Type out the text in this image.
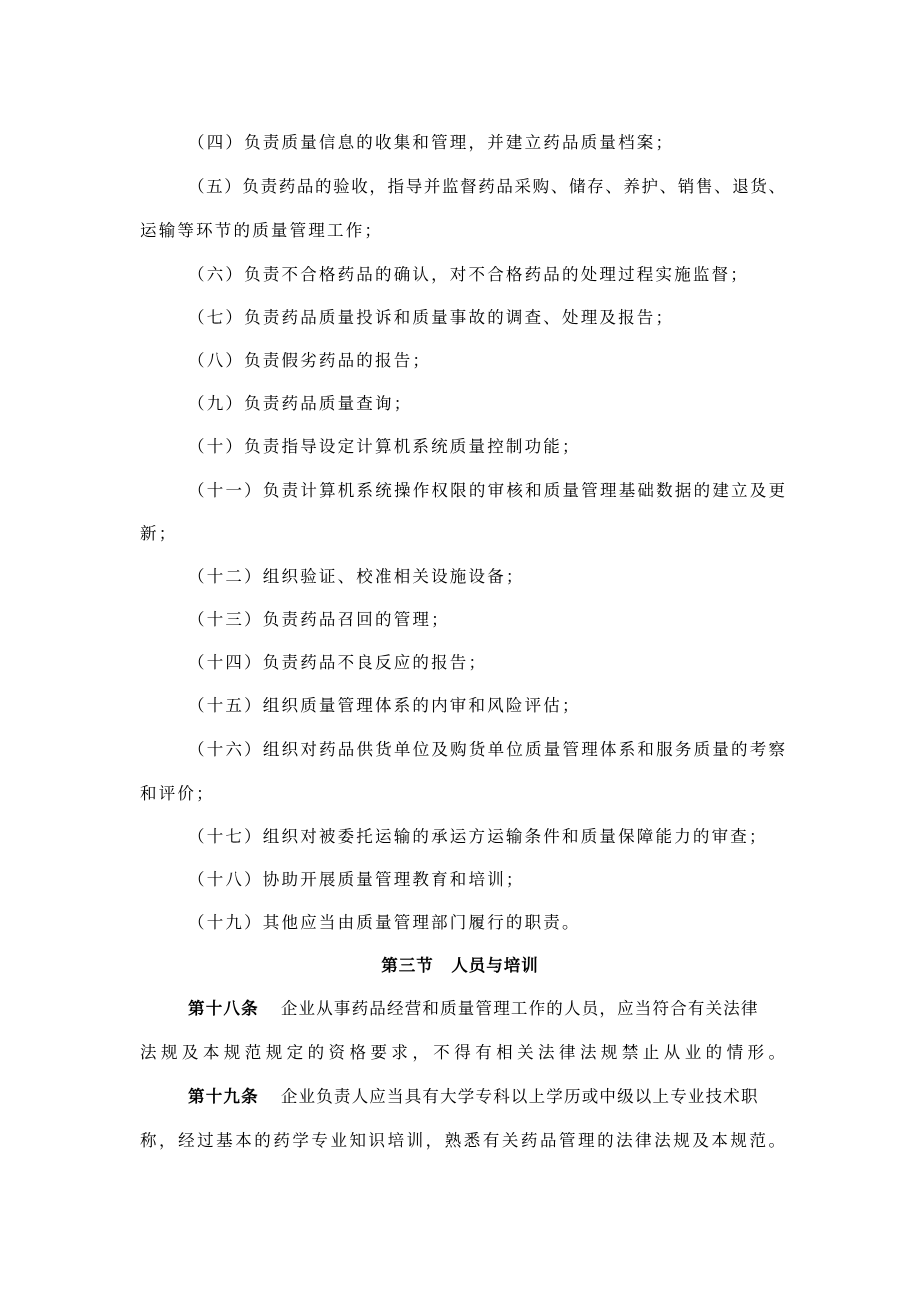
（四）负责质量信息的收集和管理，并建立药品质量档案；
（五）负责药品的验收，指导并监督药品采购、储存、养护、销售、退货、
运输等环节的质量管理工作；
（六）负责不合格药品的确认，对不合格药品的处理过程实施监督；
（七）负责药品质量投诉和质量事故的调查、处理及报告；
（八）负责假劣药品的报告；
（九）负责药品质量查询；
（十）负责指导设定计算机系统质量控制功能；
（十一）负责计算机系统操作权限的审核和质量管理基础数据的建立及更
新；
（十二）组织验证、校准相关设施设备；
（十三）负责药品召回的管理；
（十四）负责药品不良反应的报告；
（十五）组织质量管理体系的内审和风险评估；
（十六）组织对药品供货单位及购货单位质量管理体系和服务质量的考察
和评价；
（十七）组织对被委托运输的承运方运输条件和质量保障能力的审查；
（十八）协助开展质量管理教育和培训；
（十九）其他应当由质量管理部门履行的职责。
第三节　人员与培训
第十八条 企业从事药品经营和质量管理工作的人员，应当符合有关法律
法规及本规范规定的资格要求，不得有相关法律法规禁止从业的情形。
第十九条 企业负责人应当具有大学专科以上学历或中级以上专业技术职
称，经过基本的药学专业知识培训，熟悉有关药品管理的法律法规及本规范。
